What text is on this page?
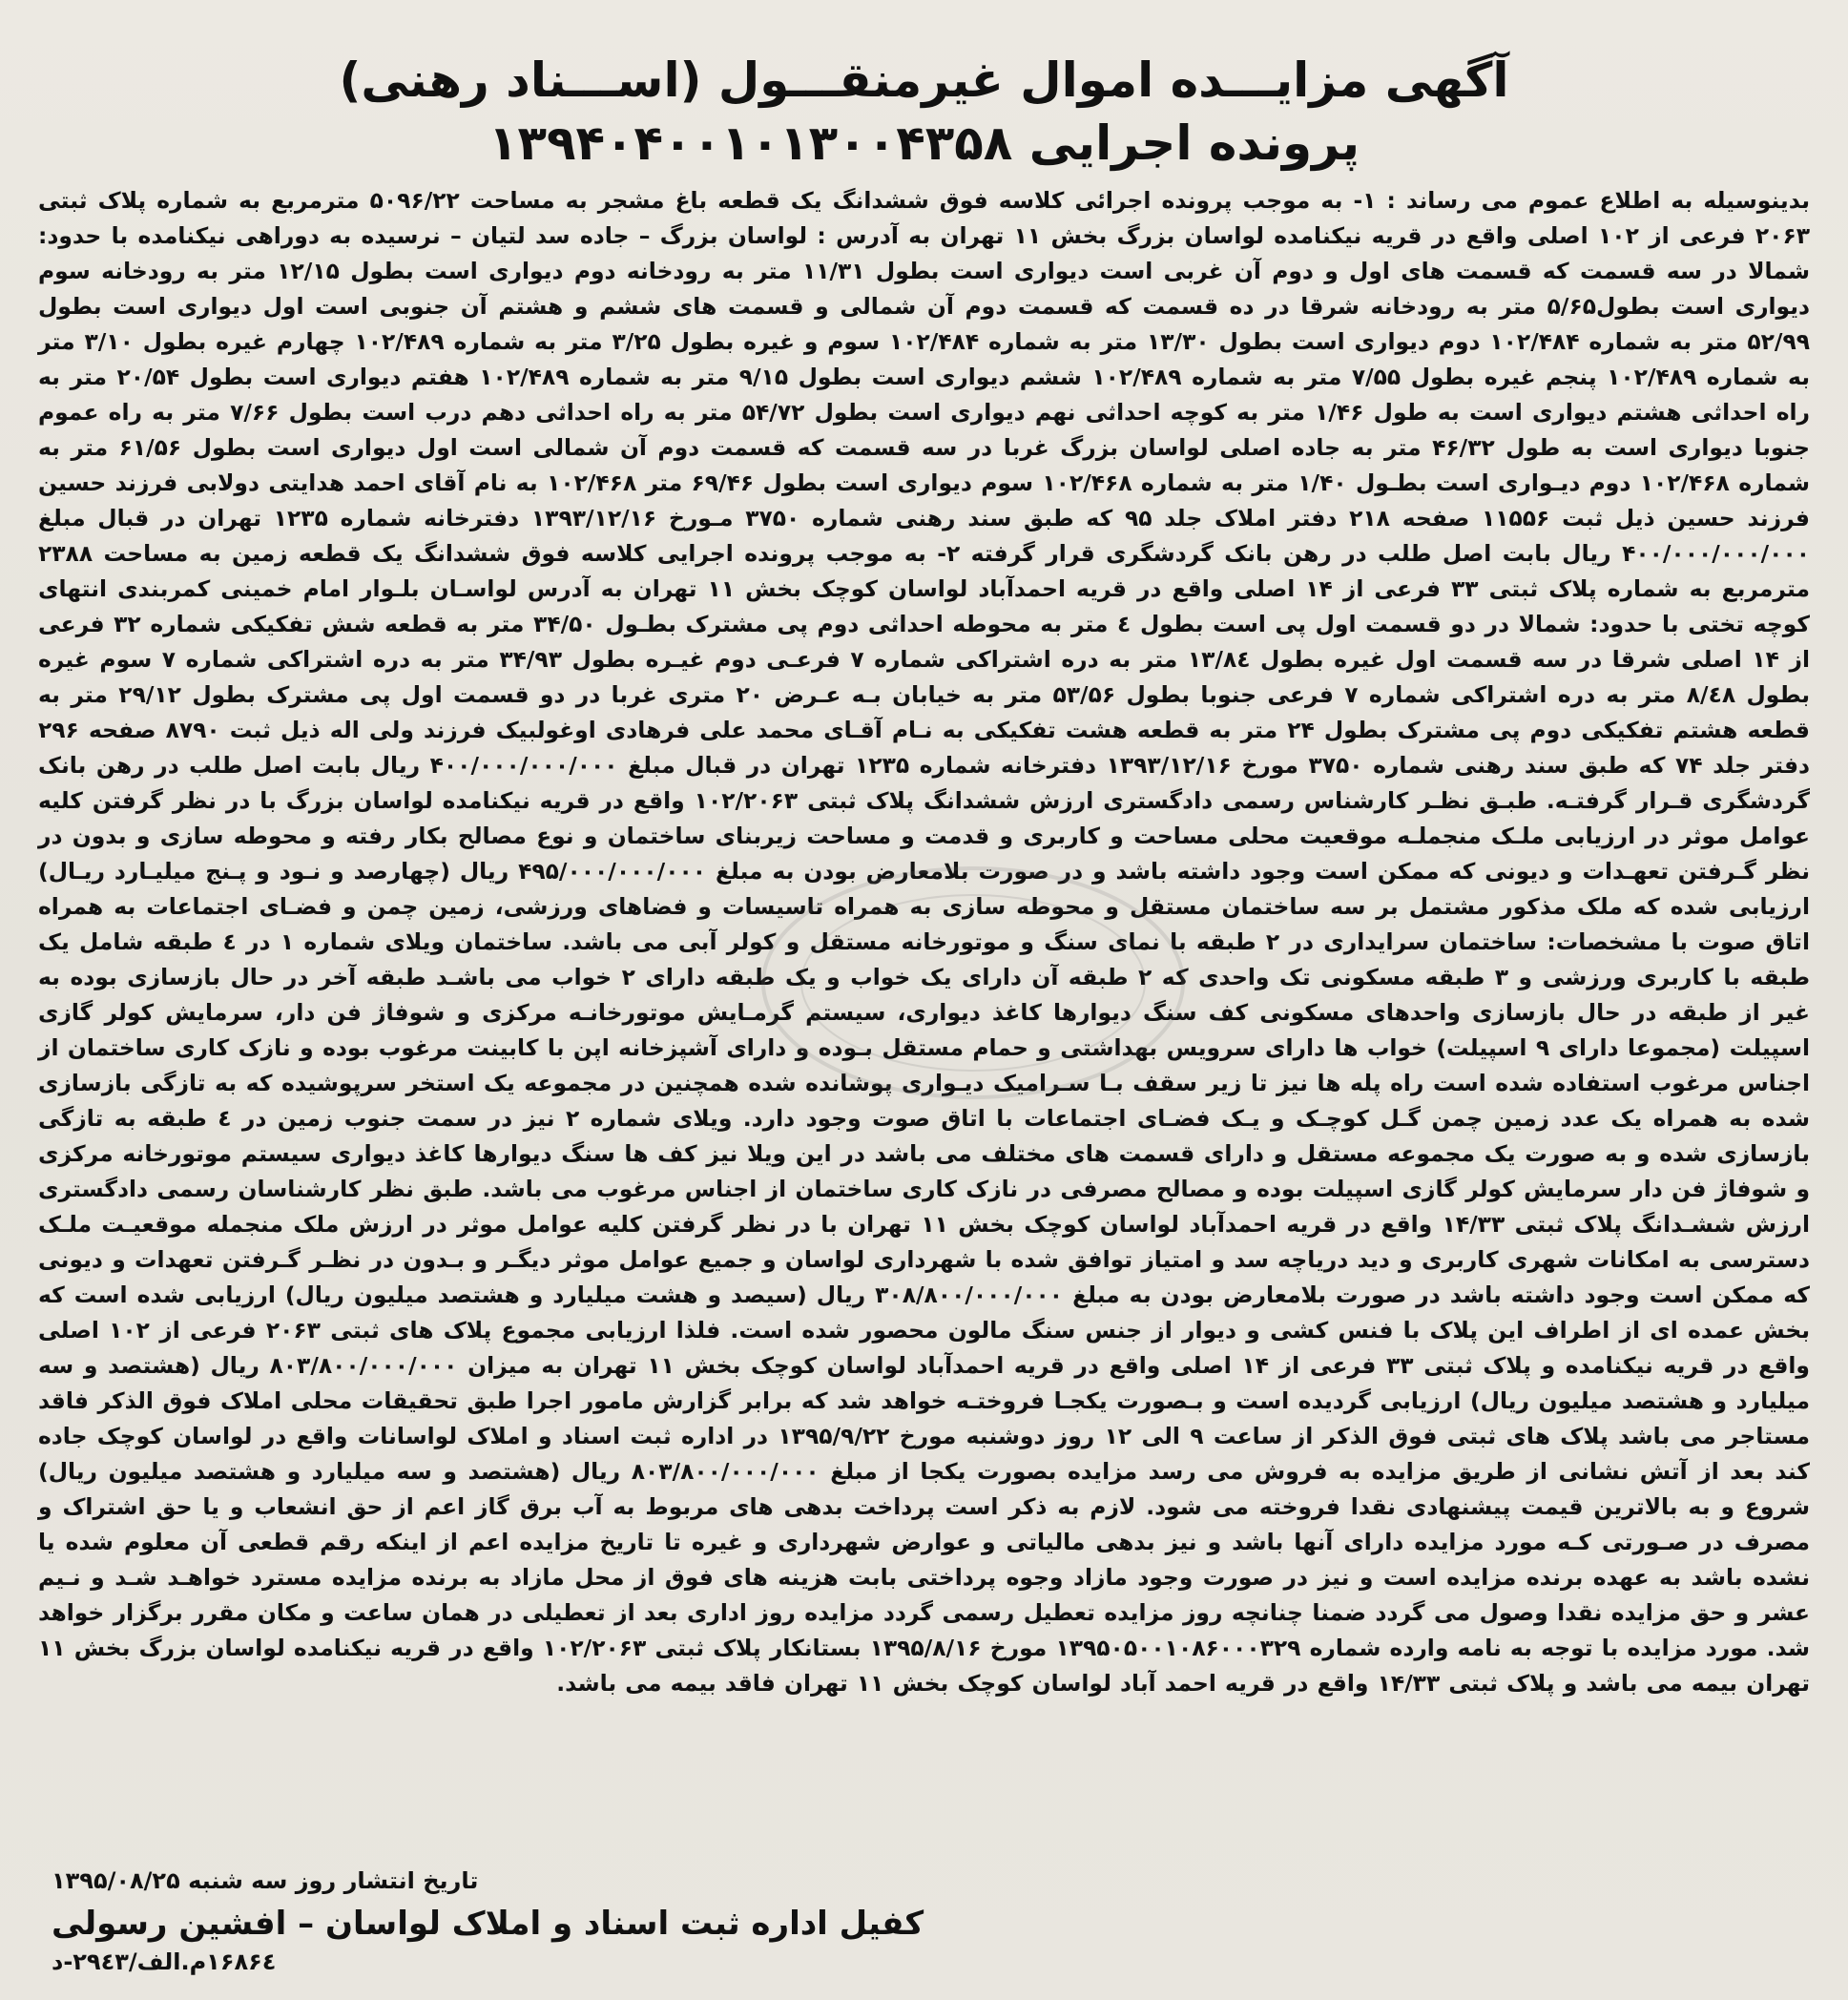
آگهی مزایـــده اموال غیرمنقـــول (اســـناد رهنی)
پرونده اجرایی ۱۳۹۴۰۴۰۰۱۰۱۳۰۰۴۳۵۸

بدینوسیله به اطلاع عموم می رساند : ۱- به موجب پرونده اجرائی کلاسه فوق ششدانگ یک قطعه باغ مشجر به مساحت ۵۰۹۶/۲۲ مترمربع به شماره پلاک ثبتی ۲۰۶۳ فرعی از ۱۰۲ اصلی واقع در قریه نیکنامده لواسان بزرگ بخش ۱۱ تهران به آدرس : لواسان بزرگ – جاده سد لتیان – نرسیده به دوراهی نیکنامده با حدود: شمالا در سه قسمت که قسمت های اول و دوم آن غربی است دیواری است بطول ۱۱/۳۱ متر به رودخانه دوم دیواری است بطول ۱۲/۱۵ متر به رودخانه سوم دیواری است بطول۵/۶۵ متر به رودخانه شرقا در ده قسمت که قسمت دوم آن شمالی و قسمت های ششم و هشتم آن جنوبی است اول دیواری است بطول ۵۲/۹۹ متر به شماره ۱۰۲/۴۸۴ دوم دیواری است بطول ۱۳/۳۰ متر به شماره ۱۰۲/۴۸۴ سوم و غیره بطول ۳/۲۵ متر به شماره ۱۰۲/۴۸۹ چهارم غیره بطول ۳/۱۰ متر به شماره ۱۰۲/۴۸۹ پنجم غیره بطول ۷/۵۵ متر به شماره ۱۰۲/۴۸۹ ششم دیواری است بطول ۹/۱۵ متر به شماره ۱۰۲/۴۸۹ هفتم دیواری است بطول ۲۰/۵۴ متر به راه احداثی هشتم دیواری است به طول ۱/۴۶ متر به کوچه احداثی نهم دیواری است بطول ۵۴/۷۲ متر به راه احداثی دهم درب است بطول ۷/۶۶ متر به راه عموم جنوبا دیواری است به طول ۴۶/۳۲ متر به جاده اصلی لواسان بزرگ غربا در سه قسمت که قسمت دوم آن شمالی است اول دیواری است بطول ۶۱/۵۶ متر به شماره ۱۰۲/۴۶۸ دوم دیـواری است بطـول ۱/۴۰ متر به شماره ۱۰۲/۴۶۸ سوم دیواری است بطول ۶۹/۴۶ متر ۱۰۲/۴۶۸ به نام آقای احمد هدایتی دولابی فرزند حسین فرزند حسین ذیل ثبت ۱۱۵۵۶ صفحه ۲۱۸ دفتر املاک جلد ۹۵ که طبق سند رهنی شماره ۳۷۵۰ مـورخ ۱۳۹۳/۱۲/۱۶ دفترخانه شماره ۱۲۳۵ تهران در قبال مبلغ ۴۰۰/۰۰۰/۰۰۰/۰۰۰ ریال بابت اصل طلب در رهن بانک گردشگری قرار گرفته ۲- به موجب پرونده اجرایی کلاسه فوق ششدانگ یک قطعه زمین به مساحت ۲۳۸۸ مترمربع به شماره پلاک ثبتی ۳۳ فرعی از ۱۴ اصلی واقع در قریه احمدآباد لواسان کوچک بخش ۱۱ تهران به آدرس لواسـان بلـوار امام خمینی کمربندی انتهای کوچه تختی با حدود: شمالا در دو قسمت اول پی است بطول ٤ متر به محوطه احداثی دوم پی مشترک بطـول ۳۴/۵۰ متر به قطعه شش تفکیکی شماره ۳۲ فرعی از ۱۴ اصلی شرقا در سه قسمت اول غیره بطول ۱۳/۸٤ متر به دره اشتراکی شماره ۷ فرعـی دوم غیـره بطول ۳۴/۹۳ متر به دره اشتراکی شماره ۷ سوم غیره بطول ۸/٤۸ متر به دره اشتراکی شماره ۷ فرعی جنوبا بطول ۵۳/۵۶ متر به خیابان بـه عـرض ۲۰ متری غربا در دو قسمت اول پی مشترک بطول ۲۹/۱۲ متر به قطعه هشتم تفکیکی دوم پی مشترک بطول ۲۴ متر به قطعه هشت تفکیکی به نـام آقـای محمد علی فرهادی اوغولبیک فرزند ولی اله ذیل ثبت ۸۷۹۰ صفحه ۲۹۶ دفتر جلد ۷۴ که طبق سند رهنی شماره ۳۷۵۰ مورخ ۱۳۹۳/۱۲/۱۶ دفترخانه شماره ۱۲۳۵ تهران در قبال مبلغ ۴۰۰/۰۰۰/۰۰۰/۰۰۰ ریال بابت اصل طلب در رهن بانک گردشگری قـرار گرفتـه. طبـق نظـر کارشناس رسمی دادگستری ارزش ششدانگ پلاک ثبتی ۱۰۲/۲۰۶۳ واقع در قریه نیکنامده لواسان بزرگ با در نظر گرفتن کلیه عوامل موثر در ارزیابی ملـک منجملـه موقعیت محلی مساحت و کاربری و قدمت و مساحت زیربنای ساختمان و نوع مصالح بکار رفته و محوطه سازی و بدون در نظر گـرفتن تعهـدات و دیونی که ممکن است وجود داشته باشد و در صورت بلامعارض بودن به مبلغ ۴۹۵/۰۰۰/۰۰۰/۰۰۰ ریال (چهارصد و نـود و پـنج میلیـارد ریـال) ارزیابی شده که ملک مذکور مشتمل بر سه ساختمان مستقل و محوطه سازی به همراه تاسیسات و فضاهای ورزشی، زمین چمن و فضـای اجتماعات به همراه اتاق صوت با مشخصات: ساختمان سرایداری در ۲ طبقه با نمای سنگ و موتورخانه مستقل و کولر آبی می باشد. ساختمان ویلای شماره ۱ در ٤ طبقه شامل یک طبقه با کاربری ورزشی و ۳ طبقه مسکونی تک واحدی که ۲ طبقه آن دارای یک خواب و یک طبقه دارای ۲ خواب می باشـد طبقه آخر در حال بازسازی بوده به غیر از طبقه در حال بازسازی واحدهای مسکونی کف سنگ دیوارها کاغذ دیواری، سیستم گرمـایش موتورخانـه مرکزی و شوفاژ فن دار، سرمایش کولر گازی اسپیلت (مجموعا دارای ۹ اسپیلت) خواب ها دارای سرویس بهداشتی و حمام مستقل بـوده و دارای آشپزخانه اپن با کابینت مرغوب بوده و نازک کاری ساختمان از اجناس مرغوب استفاده شده است راه پله ها نیز تا زیر سقف بـا سـرامیک دیـواری پوشانده شده همچنین در مجموعه یک استخر سرپوشیده که به تازگی بازسازی شده به همراه یک عدد زمین چمن گـل کوچـک و یـک فضـای اجتماعات با اتاق صوت وجود دارد. ویلای شماره ۲ نیز در سمت جنوب زمین در ٤ طبقه به تازگی بازسازی شده و به صورت یک مجموعه مستقل و دارای قسمت های مختلف می باشد در این ویلا نیز کف ها سنگ دیوارها کاغذ دیواری سیستم موتورخانه مرکزی و شوفاژ فن دار سرمایش کولر گازی اسپیلت بوده و مصالح مصرفی در نازک کاری ساختمان از اجناس مرغوب می باشد. طبق نظر کارشناسان رسمی دادگستری ارزش ششـدانگ پلاک ثبتی ۱۴/۳۳ واقع در قریه احمدآباد لواسان کوچک بخش ۱۱ تهران با در نظر گرفتن کلیه عوامل موثر در ارزش ملک منجمله موقعیـت ملـک دسترسی به امکانات شهری کاربری و دید دریاچه سد و امتیاز توافق شده با شهرداری لواسان و جمیع عوامل موثر دیگـر و بـدون در نظـر گـرفتن تعهدات و دیونی که ممکن است وجود داشته باشد در صورت بلامعارض بودن به مبلغ ۳۰۸/۸۰۰/۰۰۰/۰۰۰ ریال (سیصد و هشت میلیارد و هشتصد میلیون ریال) ارزیابی شده است که بخش عمده ای از اطراف این پلاک با فنس کشی و دیوار از جنس سنگ مالون محصور شده است. فلذا ارزیابی مجموع پلاک های ثبتی ۲۰۶۳ فرعی از ۱۰۲ اصلی واقع در قریه نیکنامده و پلاک ثبتی ۳۳ فرعی از ۱۴ اصلی واقع در قریه احمدآباد لواسان کوچک بخش ۱۱ تهران به میزان ۸۰۳/۸۰۰/۰۰۰/۰۰۰ ریال (هشتصد و سه میلیارد و هشتصد میلیون ریال) ارزیابی گردیده است و بـصورت یکجـا فروختـه خواهد شد که برابر گزارش مامور اجرا طبق تحقیقات محلی املاک فوق الذکر فاقد مستاجر می باشد پلاک های ثبتی فوق الذکر از ساعت ۹ الی ۱۲ روز دوشنبه مورخ ۱۳۹۵/۹/۲۲ در اداره ثبت اسناد و املاک لواسانات واقع در لواسان کوچک جاده کند بعد از آتش نشانی از طریق مزایده به فروش می رسد مزایده بصورت یکجا از مبلغ ۸۰۳/۸۰۰/۰۰۰/۰۰۰ ریال (هشتصد و سه میلیارد و هشتصد میلیون ریال) شروع و به بالاترین قیمت پیشنهادی نقدا فروخته می شود. لازم به ذکر است پرداخت بدهی های مربوط به آب برق گاز اعم از حق انشعاب و یا حق اشتراک و مصرف در صـورتی کـه مورد مزایده دارای آنها باشد و نیز بدهی مالیاتی و عوارض شهرداری و غیره تا تاریخ مزایده اعم از اینکه رقم قطعی آن معلوم شده یا نشده باشد به عهده برنده مزایده است و نیز در صورت وجود مازاد وجوه پرداختی بابت هزینه های فوق از محل مازاد به برنده مزایده مسترد خواهـد شـد و نـیم عشر و حق مزایده نقدا وصول می گردد ضمنا چنانچه روز مزایده تعطیل رسمی گردد مزایده روز اداری بعد از تعطیلی در همان ساعت و مکان مقرر برگزار خواهد شد. مورد مزایده با توجه به نامه وارده شماره ۱۳۹۵۰۵۰۰۱۰۸۶۰۰۰۳۲۹ مورخ ۱۳۹۵/۸/۱۶ بستانکار پلاک ثبتی ۱۰۲/۲۰۶۳ واقع در قریه نیکنامده لواسان بزرگ بخش ۱۱ تهران بیمه می باشد و پلاک ثبتی ۱۴/۳۳ واقع در قریه احمد آباد لواسان کوچک بخش ۱۱ تهران فاقد بیمه می باشد.

تاریخ انتشار روز سه شنبه ۱۳۹۵/۰۸/۲۵
کفیل اداره ثبت اسناد و املاک لواسان – افشین رسولی
۱۶۸۶٤م.الف/۲۹٤۳-د
